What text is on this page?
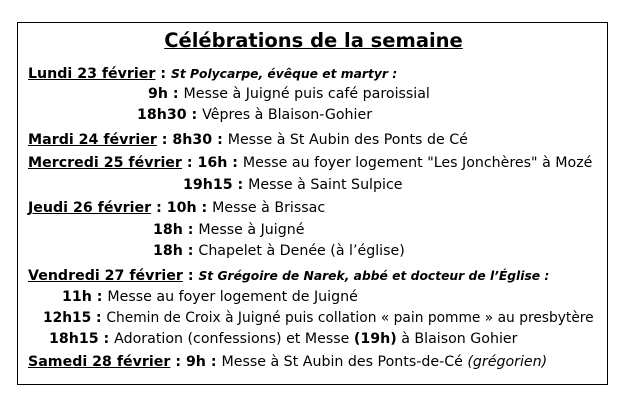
Célébrations de la semaine
Lundi 23 février : St Polycarpe, évêque et martyr :
9h : Messe à Juigné puis café paroissial
18h30 : Vêpres à Blaison-Gohier
Mardi 24 février : 8h30 : Messe à St Aubin des Ponts de Cé
Mercredi 25 février : 16h : Messe au foyer logement "Les Jonchères" à Mozé
19h15 : Messe à Saint Sulpice
Jeudi 26 février : 10h : Messe à Brissac
18h : Messe à Juigné
18h : Chapelet à Denée (à l’église)
Vendredi 27 février : St Grégoire de Narek, abbé et docteur de l’Église :
11h : Messe au foyer logement de Juigné
12h15 : Chemin de Croix à Juigné puis collation « pain pomme » au presbytère
18h15 : Adoration (confessions) et Messe (19h) à Blaison Gohier
Samedi 28 février : 9h : Messe à St Aubin des Ponts-de-Cé (grégorien)
